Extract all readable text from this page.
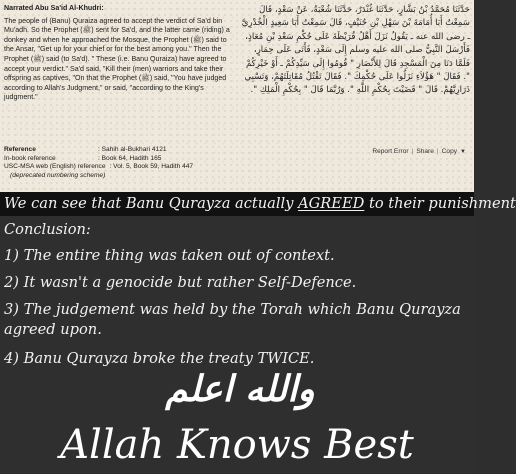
Narrated Abu Sa'id Al-Khudri:

The people of (Banu) Quraiza agreed to accept the verdict of Sa'd bin Mu'adh. So the Prophet (ﷺ) sent for Sa'd, and the latter came (riding) a donkey and when he approached the Mosque, the Prophet (ﷺ) said to the Ansar, "Get up for your chief or for the best among you." Then the Prophet (ﷺ) said (to Sa'd). " These (i.e. Banu Quraiza) have agreed to accept your verdict." Sa'd said, "Kill their (men) warriors and take their offspring as captives, "On that the Prophet (ﷺ) said, "You have judged according to Allah's Judgment," or said, "according to the King's judgment."

حَدَّثَنَا مُحَمَّدُ بْنُ بَشَّارٍ، حَدَّثَنَا غُنْدَرٌ، حَدَّثَنَا شُعْبَةُ، عَنْ سَعْدٍ، قَالَ سَمِعْتُ أَبَا أُمَامَةَ بْنَ سَهْلِ بْنِ حُنَيْفٍ، قَالَ سَمِعْتُ أَبَا سَعِيدٍ الْخُدْرِيَّ ـ رضى الله عنه ـ يَقُولُ نَزَلَ أَهْلُ قُرَيْظَةَ عَلَى حُكْمِ سَعْدِ بْنِ مُعَاذٍ، فَأَرْسَلَ النَّبِيُّ صلى الله عليه وسلم إِلَى سَعْدٍ، فَأَتَى عَلَى حِمَارٍ، فَلَمَّا دَنَا مِنَ الْمَسْجِدِ قَالَ لِلأَنْصَارِ ‏"‏ قُومُوا إِلَى سَيِّدِكُمْ ـ أَوْ خَيْرِكُمْ ‏"‏‏.‏ فَقَالَ ‏"‏ هَؤُلاَءِ نَزَلُوا عَلَى حُكْمِكَ ‏"‏‏.‏ فَقَالَ تَقْتُلُ مُقَاتِلَتَهُمْ، وَتَسْبِي ذَرَارِيَّهُمْ‏.‏ قَالَ ‏"‏ قَضَيْتَ بِحُكْمِ اللَّهِ ‏"‏‏.‏ وَرُبَّمَا قَالَ ‏"‏ بِحُكْمِ الْمَلِكِ ‏"‏‏.‏

Reference	: Sahih al-Bukhari 4121
In-book reference	: Book 64, Hadith 165
USC-MSA web (English) reference : Vol. 5, Book 59, Hadith 447
(deprecated numbering scheme)
Report Error | Share | Copy ▼
We can see that Banu Qurayza actually AGREED to their punishment
Conclusion:
1) The entire thing was taken out of context.
2) It wasn't a genocide but rather Self-Defence.
3) The judgement was held by the Torah which Banu Qurayza agreed upon.
4) Banu Qurayza broke the treaty TWICE.
والله اعلم
Allah Knows Best
